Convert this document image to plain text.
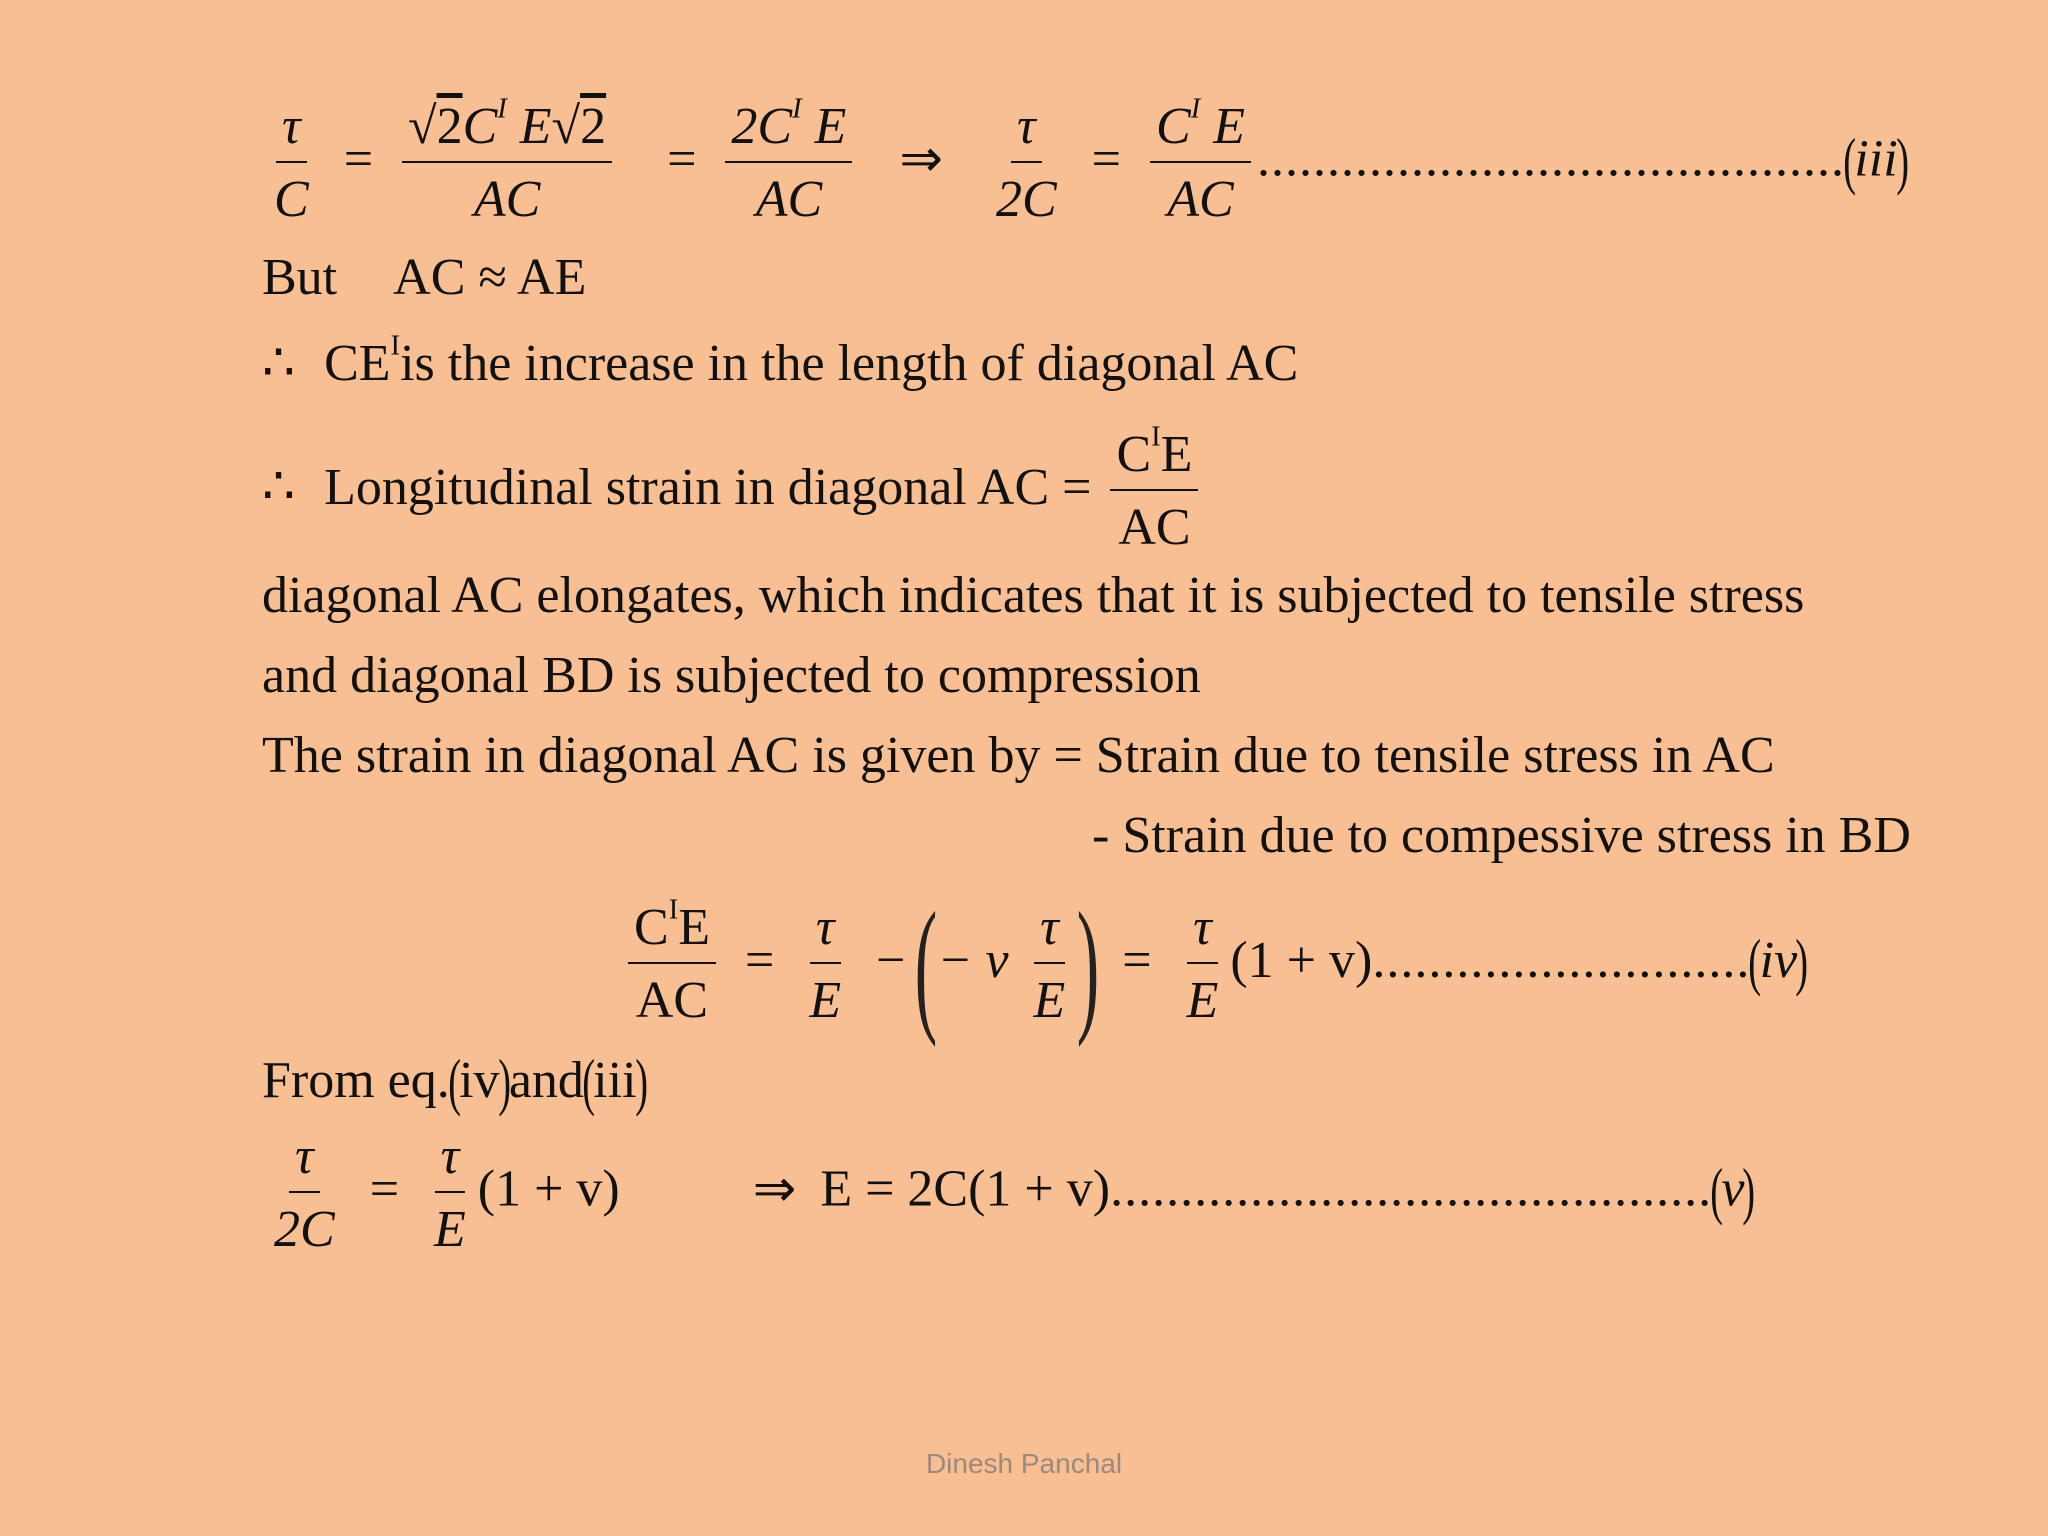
$\frac{\tau}{C} = \frac{√2C^I E√2}{AC} = \frac{2C^I E}{AC}$ ⇒ $\frac{\tau}{2C} = \frac{C^I E}{AC} ..........................................(iii)$
But AC ≈ AE
∴ $CE^Iis$ the increase in the length of diagonal AC
∴ Longitudinal strain in diagonal AC = $\frac{C^IE}{AC}$
diagonal AC elongates, which indicates that it is subjected to tensile stress
and diagonal BD is subjected to compression
The strain in diagonal AC is given by = Strain due to tensile stress in AC
- Strain due to compessive stress in BD
$\frac{C^IE}{AC} = \frac{\tau}{E}$ −(− v $\frac{\tau}{E}$ ) = $\frac{\tau}{E} (1 + v)...........................(iv)$
From eq.(iv)and(iii)
$\frac{\tau}{2C} = \frac{\tau}{E} (1 + v)$	⇒ E = 2C(1 + v)...........................................(v)
Dinesh Panchal
